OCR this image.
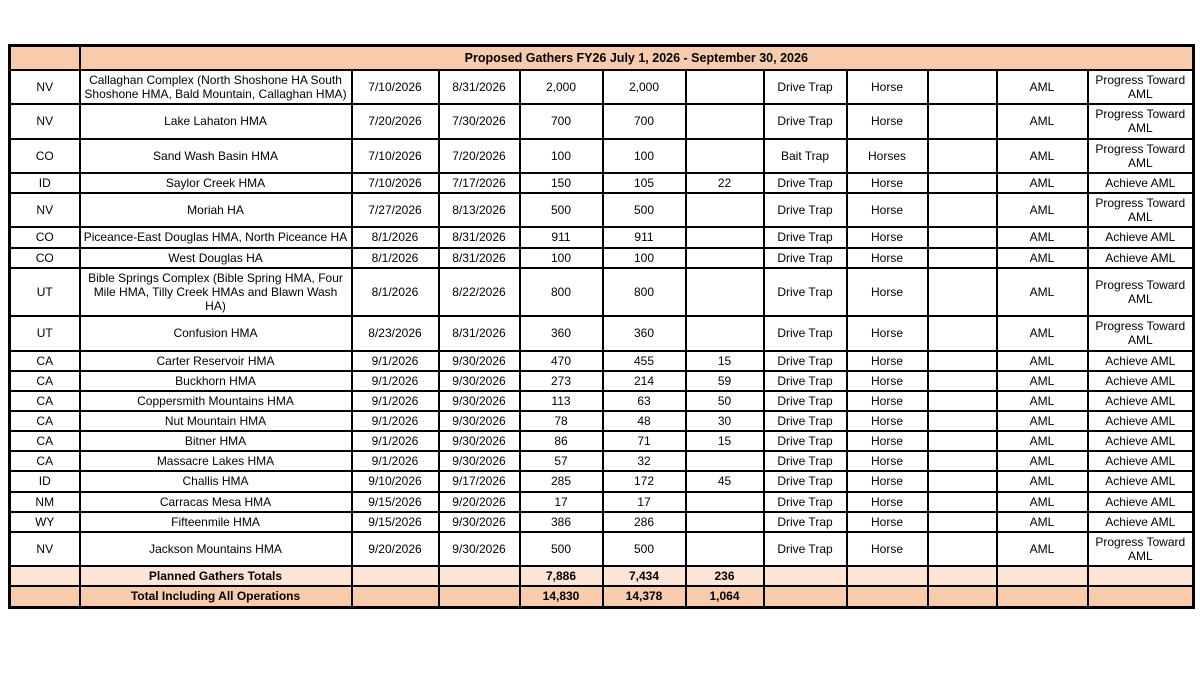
	Proposed Gathers FY26 July 1, 2026 - September 30, 2026										
NV	Callaghan Complex (North Shoshone HA South Shoshone HMA, Bald Mountain, Callaghan HMA)	7/10/2026	8/31/2026	2,000	2,000		Drive Trap	Horse		AML	Progress Toward AML
NV	Lake Lahaton HMA	7/20/2026	7/30/2026	700	700		Drive Trap	Horse		AML	Progress Toward AML
CO	Sand Wash Basin HMA	7/10/2026	7/20/2026	100	100		Bait Trap	Horses		AML	Progress Toward AML
ID	Saylor Creek HMA	7/10/2026	7/17/2026	150	105	22	Drive Trap	Horse		AML	Achieve AML
NV	Moriah HA	7/27/2026	8/13/2026	500	500		Drive Trap	Horse		AML	Progress Toward AML
CO	Piceance-East Douglas HMA, North Piceance HA	8/1/2026	8/31/2026	911	911		Drive Trap	Horse		AML	Achieve AML
CO	West Douglas HA	8/1/2026	8/31/2026	100	100		Drive Trap	Horse		AML	Achieve AML
UT	Bible Springs Complex (Bible Spring HMA, Four Mile HMA, Tilly Creek HMAs and Blawn Wash HA)	8/1/2026	8/22/2026	800	800		Drive Trap	Horse		AML	Progress Toward AML
UT	Confusion HMA	8/23/2026	8/31/2026	360	360		Drive Trap	Horse		AML	Progress Toward AML
CA	Carter Reservoir HMA	9/1/2026	9/30/2026	470	455	15	Drive Trap	Horse		AML	Achieve AML
CA	Buckhorn HMA	9/1/2026	9/30/2026	273	214	59	Drive Trap	Horse		AML	Achieve AML
CA	Coppersmith Mountains HMA	9/1/2026	9/30/2026	113	63	50	Drive Trap	Horse		AML	Achieve AML
CA	Nut Mountain HMA	9/1/2026	9/30/2026	78	48	30	Drive Trap	Horse		AML	Achieve AML
CA	Bitner HMA	9/1/2026	9/30/2026	86	71	15	Drive Trap	Horse		AML	Achieve AML
CA	Massacre Lakes HMA	9/1/2026	9/30/2026	57	32		Drive Trap	Horse		AML	Achieve AML
ID	Challis HMA	9/10/2026	9/17/2026	285	172	45	Drive Trap	Horse		AML	Achieve AML
NM	Carracas Mesa HMA	9/15/2026	9/20/2026	17	17		Drive Trap	Horse		AML	Achieve AML
WY	Fifteenmile HMA	9/15/2026	9/30/2026	386	286		Drive Trap	Horse		AML	Achieve AML
NV	Jackson Mountains HMA	9/20/2026	9/30/2026	500	500		Drive Trap	Horse		AML	Progress Toward AML
	Planned Gathers Totals			7,886	7,434	236					
	Total Including All Operations			14,830	14,378	1,064					
